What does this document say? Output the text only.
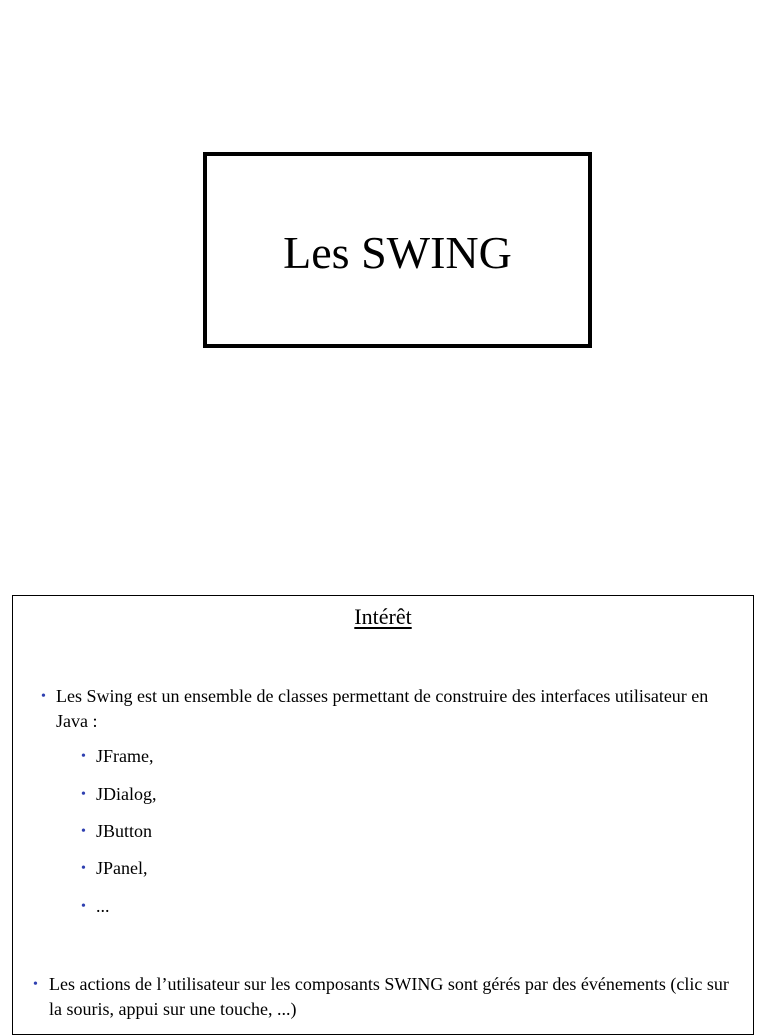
Les SWING
Intérêt
• Les Swing est un ensemble de classes permettant de construire des interfaces utilisateur en Java :
• JFrame,
• JDialog,
• JButton
• JPanel,
• ...
• Les actions de l’utilisateur sur les composants SWING sont gérés par des événements (clic sur la souris, appui sur une touche, ...)
